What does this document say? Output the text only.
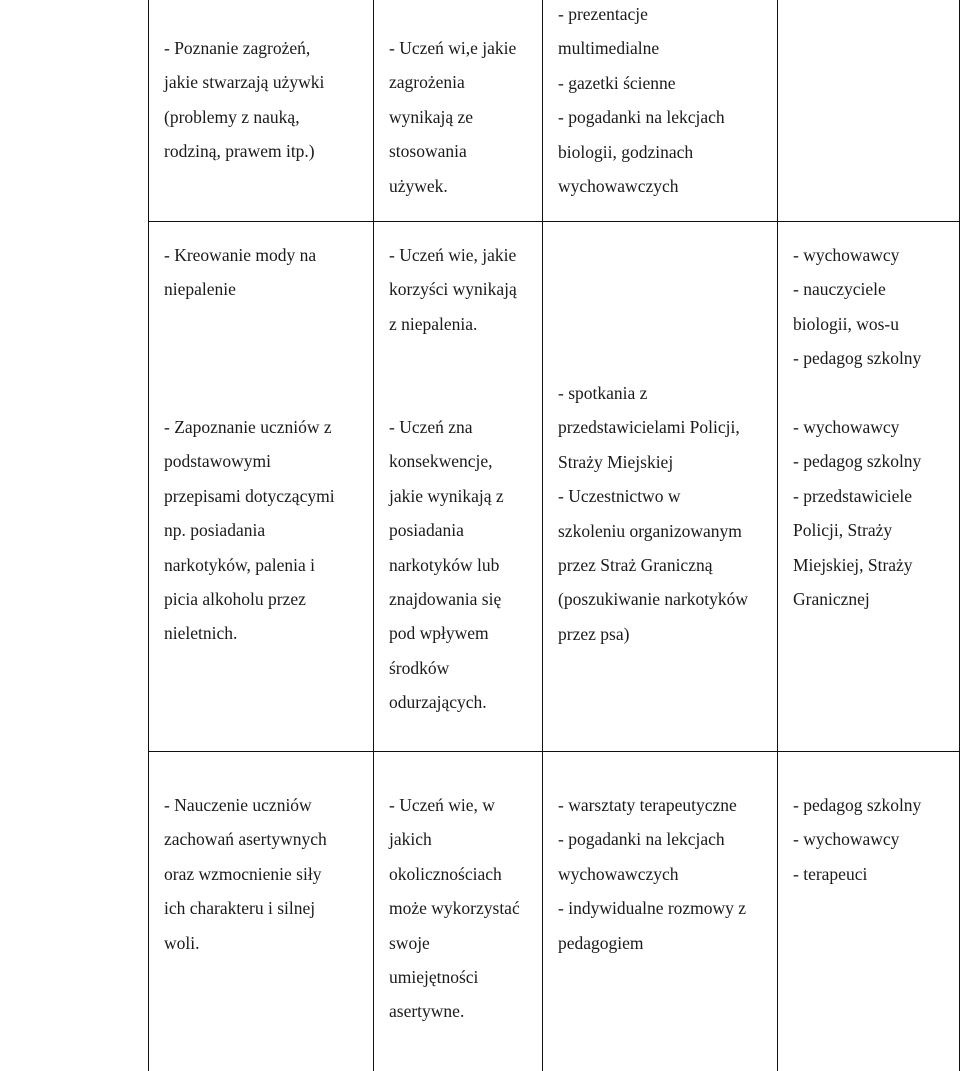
- Poznanie zagrożeń,
jakie stwarzają używki
(problemy z nauką,
rodziną, prawem itp.)

- Uczeń wi,e jakie
zagrożenia
wynikają ze
stosowania
używek.

- prezentacje
multimedialne
- gazetki ścienne
- pogadanki na lekcjach
biologii, godzinach
wychowawczych

- Kreowanie mody na
niepalenie

- Uczeń wie, jakie
korzyści wynikają
z niepalenia.

- wychowawcy
- nauczyciele
biologii, wos-u
- pedagog szkolny

- Zapoznanie uczniów z
podstawowymi
przepisami dotyczącymi
np. posiadania
narkotyków, palenia i
picia alkoholu przez
nieletnich.

- Uczeń zna
konsekwencje,
jakie wynikają z
posiadania
narkotyków lub
znajdowania się
pod wpływem
środków
odurzających.

- spotkania z
przedstawicielami Policji,
Straży Miejskiej
- Uczestnictwo w
szkoleniu organizowanym
przez Straż Graniczną
(poszukiwanie narkotyków
przez psa)

- wychowawcy
- pedagog szkolny
- przedstawiciele
Policji, Straży
Miejskiej, Straży
Granicznej

- Nauczenie uczniów
zachowań asertywnych
oraz wzmocnienie siły
ich charakteru i silnej
woli.

- Uczeń wie, w
jakich
okolicznościach
może wykorzystać
swoje
umiejętności
asertywne.

- warsztaty terapeutyczne
- pogadanki na lekcjach
wychowawczych
- indywidualne rozmowy z
pedagogiem

- pedagog szkolny
- wychowawcy
- terapeuci
